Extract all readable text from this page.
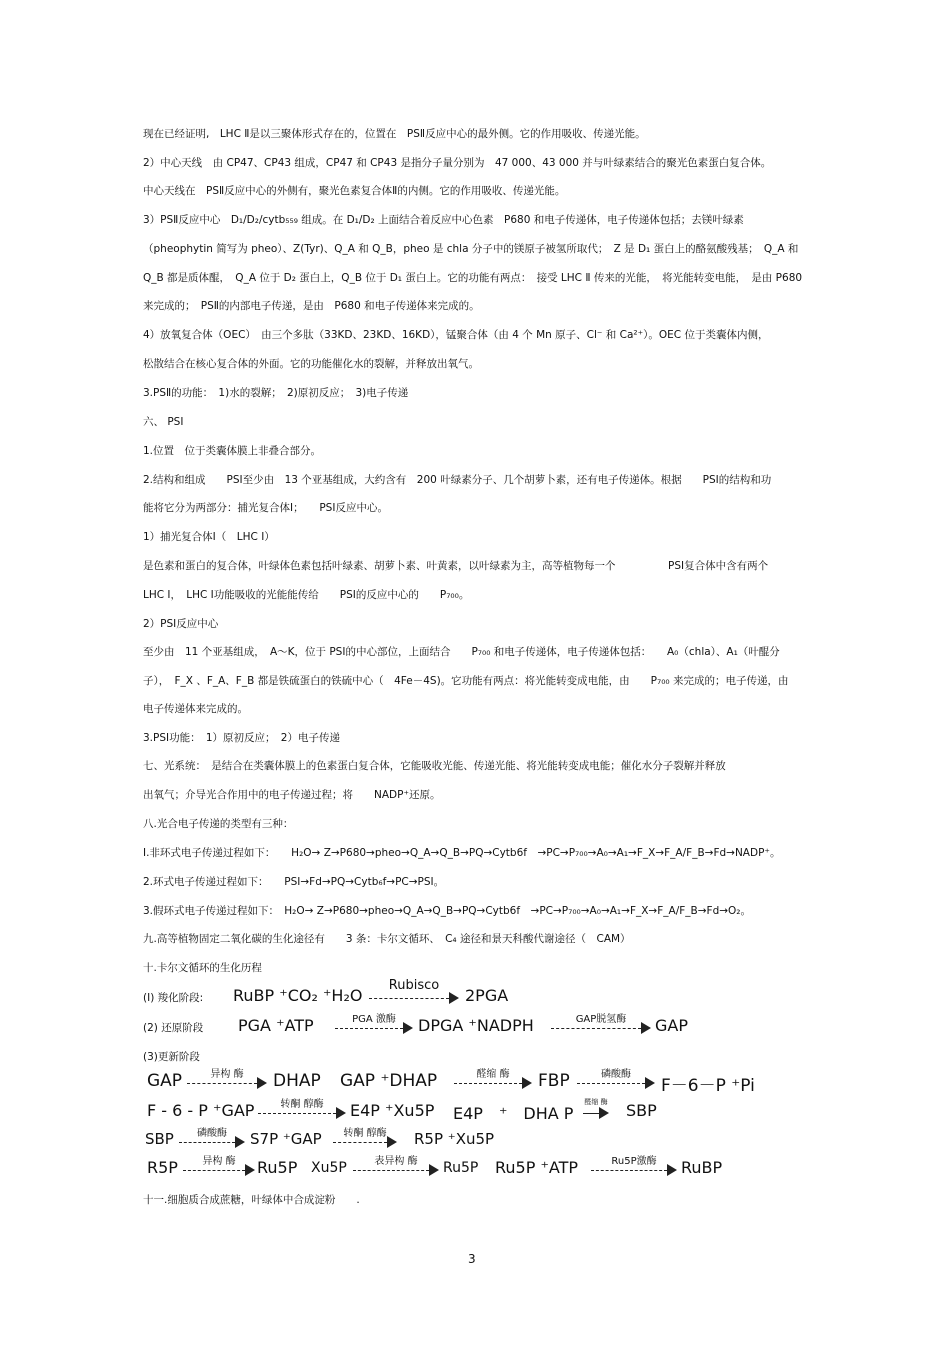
现在已经证明,　LHC Ⅱ是以三聚体形式存在的，位置在　PSⅡ反应中心的最外侧。它的作用吸收、传递光能。
2）中心天线　由 CP47、CP43 组成，CP47 和 CP43 是指分子量分别为　47 000、43 000 并与叶绿素结合的聚光色素蛋白复合体。
中心天线在　PSⅡ反应中心的外侧有，聚光色素复合体Ⅱ的内侧。它的作用吸收、传递光能。
3）PSⅡ反应中心　D₁/D₂/cytb₅₅₉ 组成。在 D₁/D₂ 上面结合着反应中心色素　P680 和电子传递体，电子传递体包括；去镁叶绿素
（pheophytin 简写为 pheo）、Z(Tyr)、Q_A 和 Q_B，pheo 是 chla 分子中的镁原子被氢所取代；　Z 是 D₁ 蛋白上的酪氨酸残基；　Q_A 和
Q_B 都是质体醌，　Q_A 位于 D₂ 蛋白上，Q_B 位于 D₁ 蛋白上。它的功能有两点：　接受 LHC Ⅱ 传来的光能，　将光能转变电能，　是由 P680
来完成的；　PSⅡ的内部电子传递，是由　P680 和电子传递体来完成的。
4）放氧复合体（OEC）　由三个多肽（33KD、23KD、16KD），锰聚合体（由 4 个 Mn 原子、Cl⁻ 和 Ca²⁺）。OEC 位于类囊体内侧，
松散结合在核心复合体的外面。它的功能催化水的裂解，并释放出氧气。
3.PSⅡ的功能：　1)水的裂解；　2)原初反应；　3)电子传递
六、 PSⅠ
1.位置　位于类囊体膜上非叠合部分。
2.结构和组成　　PSⅠ至少由　13 个亚基组成，大约含有　200 叶绿素分子、几个胡萝卜素，还有电子传递体。根据　　PSⅠ的结构和功
能将它分为两部分：捕光复合体Ⅰ；　　PSⅠ反应中心。
1）捕光复合体Ⅰ（　LHC Ⅰ）
是色素和蛋白的复合体，叶绿体色素包括叶绿素、胡萝卜素、叶黄素，以叶绿素为主，高等植物每一个　　　　　PSⅠ复合体中含有两个
LHC Ⅰ，　LHC Ⅰ功能吸收的光能能传给　　PSⅠ的反应中心的　　P₇₀₀。
2）PSⅠ反应中心
至少由　11 个亚基组成，　A～K，位于 PSⅠ的中心部位，上面结合　　P₇₀₀ 和电子传递体，电子传递体包括：　　A₀（chla）、A₁（叶醌分
子），　F_X 、F_A、F_B 都是铁硫蛋白的铁硫中心（　4Fe－4S)。它功能有两点：将光能转变成电能，由　　P₇₀₀ 来完成的；电子传递，由
电子传递体来完成的。
3.PSⅠ功能：　1）原初反应；　2）电子传递
七、光系统：　是结合在类囊体膜上的色素蛋白复合体，它能吸收光能、传递光能、将光能转变成电能；催化水分子裂解并释放
出氧气；介导光合作用中的电子传递过程；将　　NADP⁺还原。
八.光合电子传递的类型有三种：
I.非环式电子传递过程如下：　　H₂O→ Z→P680→pheo→Q_A→Q_B→PQ→Cytb6f　→PC→P₇₀₀→A₀→A₁→F_X→F_A/F_B→Fd→NADP⁺。
2.环式电子传递过程如下：　　PSⅠ→Fd→PQ→Cytb₆f→PC→PSⅠ。
3.假环式电子传递过程如下：　H₂O→ Z→P680→pheo→Q_A→Q_B→PQ→Cytb6f　→PC→P₇₀₀→A₀→A₁→F_X→F_A/F_B→Fd→O₂。
九.高等植物固定二氧化碳的生化途径有　　3 条：卡尔文循环、　C₄ 途径和景天科酸代谢途径（　CAM）
十.卡尔文循环的生化历程
(Ⅰ) 羧化阶段: RuBP ⁺CO₂ ⁺H₂O
Rubisco
2PGA
(2) 还原阶段 PGA ⁺ATP	PGA 激酶	DPGA ⁺NADPH	GAP脱氢酶	GAP
(3)更新阶段
GAP	异构 酶	DHAP GAP ⁺DHAP	醛缩 酶	FBP	磷酸酶
F－6－P ⁺Pi
F - 6 - P ⁺GAP	转酮 醇酶	E4P ⁺Xu5P E4P　⁺　DHA P
醛缩 酶 SBP
SBP	磷酸酶	S7P ⁺GAP	转酮 醇酶	R5P ⁺Xu5P
R5P	异构 酶	Ru5P Xu5P	表异构 酶	Ru5P Ru5P ⁺ATP	Ru5P激酶	RuBP
十一.细胞质合成蔗糖，叶绿体中合成淀粉　　.
3
